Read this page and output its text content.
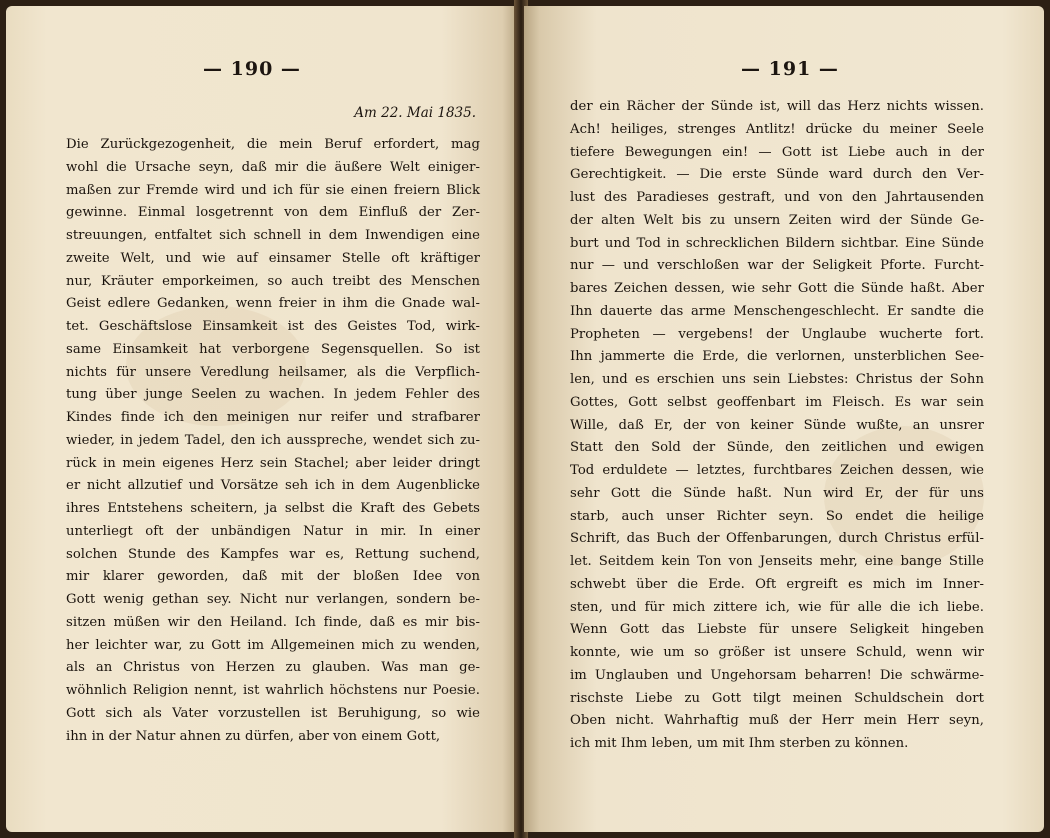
— 190 —
Am 22. Mai 1835.
Die Zurückgezogenheit, die mein Beruf erfordert, mag
wohl die Ursache seyn, daß mir die äußere Welt einiger-
maßen zur Fremde wird und ich für sie einen freiern Blick
gewinne. Einmal losgetrennt von dem Einfluß der Zer-
streuungen, entfaltet sich schnell in dem Inwendigen eine
zweite Welt, und wie auf einsamer Stelle oft kräftiger
nur, Kräuter emporkeimen, so auch treibt des Menschen
Geist edlere Gedanken, wenn freier in ihm die Gnade wal-
tet. Geschäftslose Einsamkeit ist des Geistes Tod, wirk-
same Einsamkeit hat verborgene Segensquellen. So ist
nichts für unsere Veredlung heilsamer, als die Verpflich-
tung über junge Seelen zu wachen. In jedem Fehler des
Kindes finde ich den meinigen nur reifer und strafbarer
wieder, in jedem Tadel, den ich ausspreche, wendet sich zu-
rück in mein eigenes Herz sein Stachel; aber leider dringt
er nicht allzutief und Vorsätze seh ich in dem Augenblicke
ihres Entstehens scheitern, ja selbst die Kraft des Gebets
unterliegt oft der unbändigen Natur in mir. In einer
solchen Stunde des Kampfes war es, Rettung suchend,
mir klarer geworden, daß mit der bloßen Idee von
Gott wenig gethan sey. Nicht nur verlangen, sondern be-
sitzen müßen wir den Heiland. Ich finde, daß es mir bis-
her leichter war, zu Gott im Allgemeinen mich zu wenden,
als an Christus von Herzen zu glauben. Was man ge-
wöhnlich Religion nennt, ist wahrlich höchstens nur Poesie.
Gott sich als Vater vorzustellen ist Beruhigung, so wie
ihn in der Natur ahnen zu dürfen, aber von einem Gott,
— 191 —
der ein Rächer der Sünde ist, will das Herz nichts wissen.
Ach! heiliges, strenges Antlitz! drücke du meiner Seele
tiefere Bewegungen ein! — Gott ist Liebe auch in der
Gerechtigkeit. — Die erste Sünde ward durch den Ver-
lust des Paradieses gestraft, und von den Jahrtausenden
der alten Welt bis zu unsern Zeiten wird der Sünde Ge-
burt und Tod in schrecklichen Bildern sichtbar. Eine Sünde
nur — und verschloßen war der Seligkeit Pforte. Furcht-
bares Zeichen dessen, wie sehr Gott die Sünde haßt. Aber
Ihn dauerte das arme Menschengeschlecht. Er sandte die
Propheten — vergebens! der Unglaube wucherte fort.
Ihn jammerte die Erde, die verlornen, unsterblichen See-
len, und es erschien uns sein Liebstes: Christus der Sohn
Gottes, Gott selbst geoffenbart im Fleisch. Es war sein
Wille, daß Er, der von keiner Sünde wußte, an unsrer
Statt den Sold der Sünde, den zeitlichen und ewigen
Tod erduldete — letztes, furchtbares Zeichen dessen, wie
sehr Gott die Sünde haßt. Nun wird Er, der für uns
starb, auch unser Richter seyn. So endet die heilige
Schrift, das Buch der Offenbarungen, durch Christus erfül-
let. Seitdem kein Ton von Jenseits mehr, eine bange Stille
schwebt über die Erde. Oft ergreift es mich im Inner-
sten, und für mich zittere ich, wie für alle die ich liebe.
Wenn Gott das Liebste für unsere Seligkeit hingeben
konnte, wie um so größer ist unsere Schuld, wenn wir
im Unglauben und Ungehorsam beharren! Die schwärme-
rischste Liebe zu Gott tilgt meinen Schuldschein dort
Oben nicht. Wahrhaftig muß der Herr mein Herr seyn,
ich mit Ihm leben, um mit Ihm sterben zu können.
